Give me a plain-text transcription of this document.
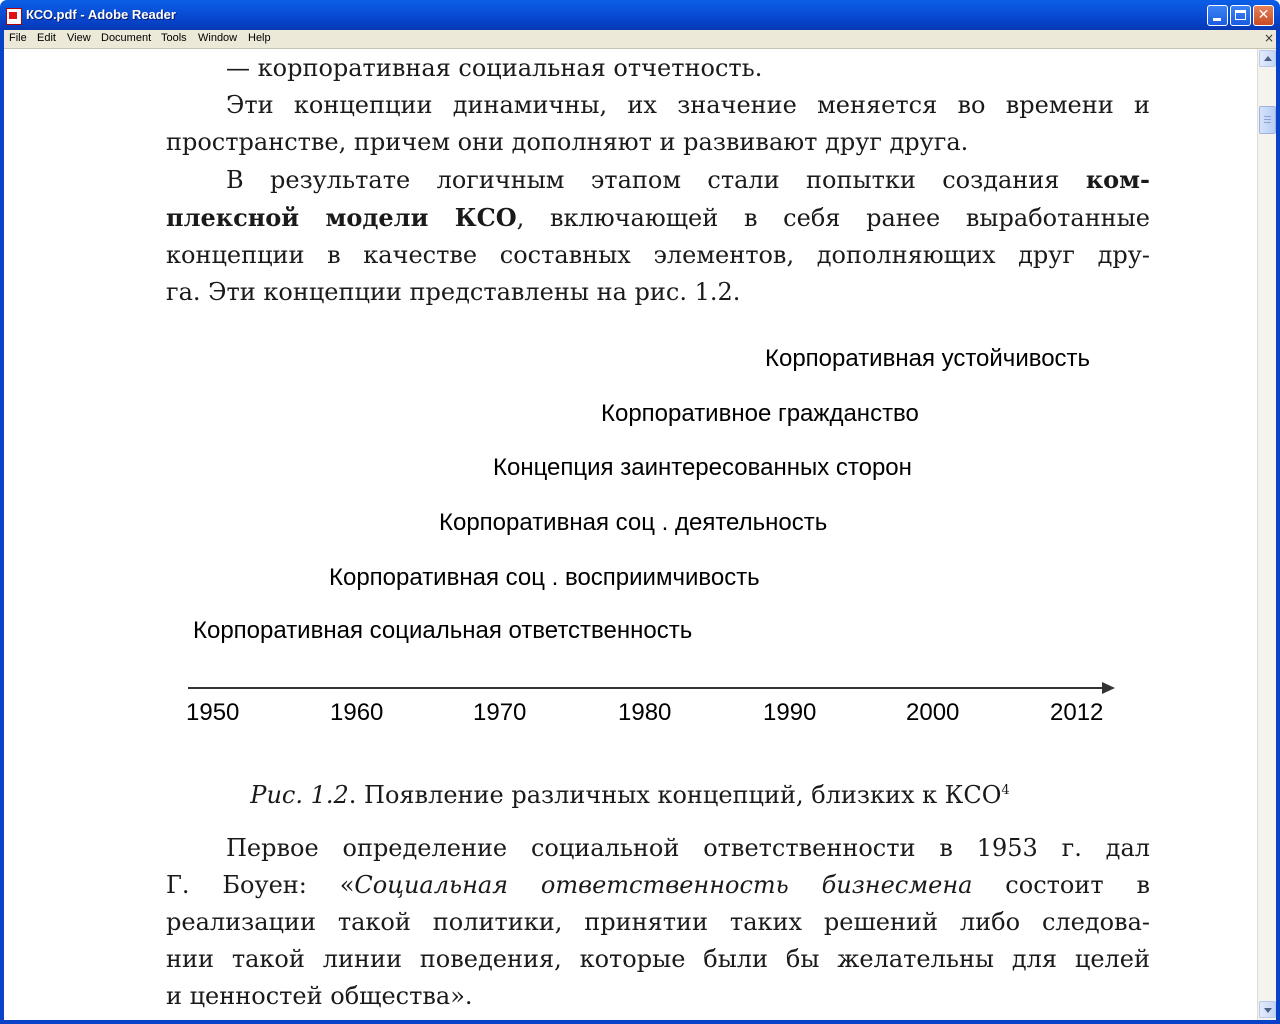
КСО.pdf - Adobe Reader	✕
File Edit View Document Tools Window Help	×

— корпоративная социальная отчетность.

Эти концепции динамичны, их значение меняется во времени и
пространстве, причем они дополняют и развивают друг друга.

В результате логичным этапом стали попытки создания ком-
плексной модели КСО, включающей в себя ранее выработанные
концепции в качестве составных элементов, дополняющих друг дру-
га. Эти концепции представлены на рис. 1.2.

Корпоративная устойчивость
Корпоративное гражданство
Концепция заинтересованных сторон
Корпоративная соц . деятельность
Корпоративная соц . восприимчивость
Корпоративная социальная ответственность
1950	1960	1970	1980	1990	2000	2012
Рис. 1.2. Появление различных концепций, близких к КСО$^4$

Первое определение социальной ответственности в 1953 г. дал
Г. Боуен: «Социальная ответственность бизнесмена состоит в
реализации такой политики, принятии таких решений либо следова-
нии такой линии поведения, которые были бы желательны для целей
и ценностей общества».
